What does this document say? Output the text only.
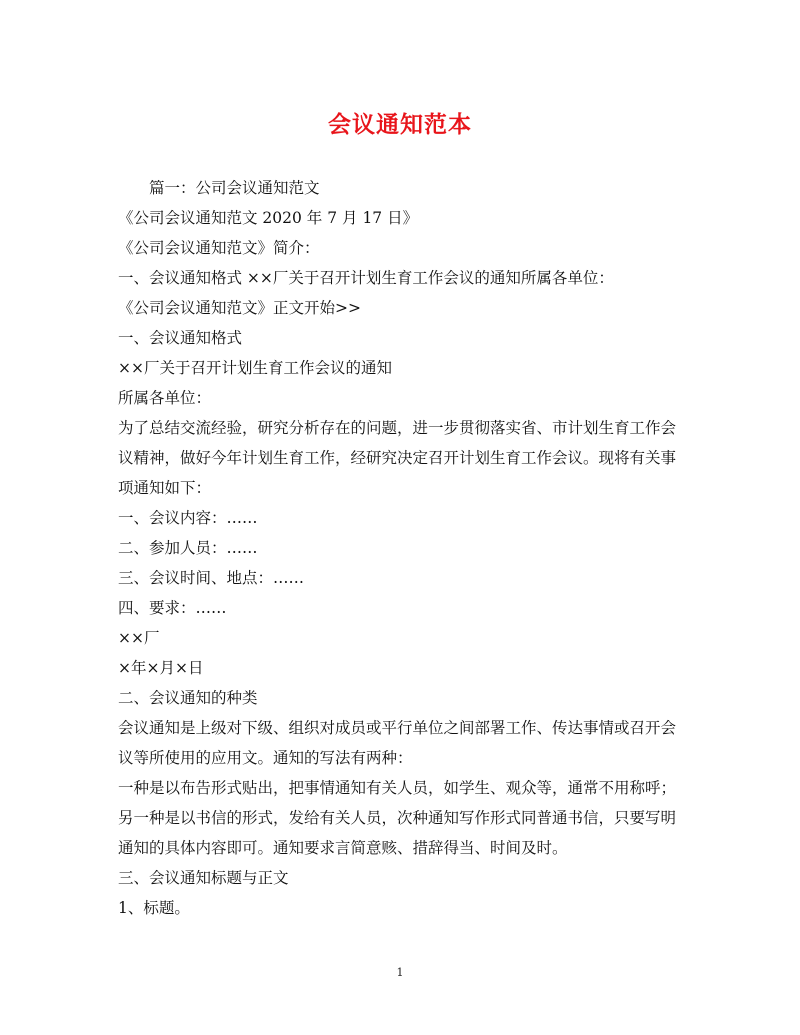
会议通知范本

篇一：公司会议通知范文

《公司会议通知范文 2020 年 7 月 17 日》

《公司会议通知范文》简介：

一、会议通知格式 ××厂关于召开计划生育工作会议的通知所属各单位：

《公司会议通知范文》正文开始>>

一、会议通知格式

××厂关于召开计划生育工作会议的通知

所属各单位：

为了总结交流经验，研究分析存在的问题，进一步贯彻落实省、市计划生育工作会

议精神，做好今年计划生育工作，经研究决定召开计划生育工作会议。现将有关事

项通知如下：

一、会议内容：……

二、参加人员：……

三、会议时间、地点：……

四、要求：……

××厂

×年×月×日

二、会议通知的种类

会议通知是上级对下级、组织对成员或平行单位之间部署工作、传达事情或召开会

议等所使用的应用文。通知的写法有两种：

一种是以布告形式贴出，把事情通知有关人员，如学生、观众等，通常不用称呼；

另一种是以书信的形式，发给有关人员，次种通知写作形式同普通书信，只要写明

通知的具体内容即可。通知要求言简意赅、措辞得当、时间及时。

三、会议通知标题与正文

1、标题。

1
